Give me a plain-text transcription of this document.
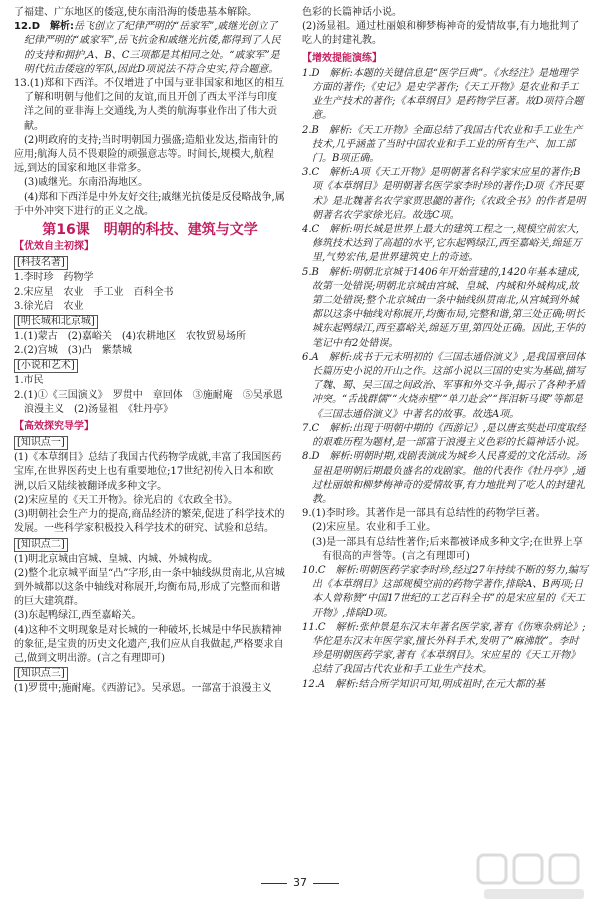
了福建、广东地区的倭寇,使东南沿海的倭患基本解除。

12.D　 解析:岳飞创立了纪律严明的“岳家军”,戚继光创立了纪律严明的“戚家军”,岳飞抗金和戚继光抗倭,都得到了人民的支持和拥护,A、B、C三项都是其相同之处。“戚家军”是明代抗击倭寇的军队,因此D项说法不符合史实,符合题意。

13.(1)郑和下西洋。不仅增进了中国与亚非国家和地区的相互了解和明朝与他们之间的友谊,而且开创了西太平洋与印度洋之间的亚非海上交通线,为人类的航海事业作出了伟大贡献。

(2)明政府的支持;当时明朝国力强盛;造船业发达,指南针的应用;航海人员不畏艰险的顽强意志等。时间长,规模大,航程远,到达的国家和地区非常多。

(3)戚继光。东南沿海地区。

(4)郑和下西洋是中外友好交往;戚继光抗倭是反侵略战争,属于中外冲突下进行的正义之战。

第16课　明朝的科技、建筑与文学
【优效自主初探】
[科技名著]

1.李时珍　药物学

2.宋应星　农业　手工业　百科全书

3.徐光启　农业

[明长城和北京城]

1.(1)蒙古　(2)嘉峪关　(4)农耕地区　农牧贸易场所

2.(2)宫城　(3)凸　紫禁城

[小说和艺术]

1.市民

2.(1)①《三国演义》　罗贯中　章回体　③施耐庵　⑤吴承恩　浪漫主义　(2)汤显祖　《牡丹亭》

【高效探究导学】
[知识点一]

(1)《本草纲目》总结了我国古代药物学成就,丰富了我国医药宝库,在世界医药史上也有重要地位;17世纪初传入日本和欧洲,以后又陆续被翻译成多种文字。

(2)宋应星的《天工开物》。徐光启的《农政全书》。

(3)明朝社会生产力的提高,商品经济的繁荣,促进了科学技术的发展。一些科学家积极投入科学技术的研究、试验和总结。

[知识点二]

(1)明北京城由宫城、皇城、内城、外城构成。

(2)整个北京城平面呈“凸”字形,由一条中轴线纵贯南北,从宫城到外城都以这条中轴线对称展开,均衡布局,形成了完整而和谐的巨大建筑群。

(3)东起鸭绿江,西至嘉峪关。

(4)这种不文明现象是对长城的一种破坏,长城是中华民族精神的象征,是宝贵的历史文化遗产,我们应从自我做起,严格要求自己,做到文明出游。(言之有理即可)

[知识点三]

(1)罗贯中;施耐庵。《西游记》。吴承恩。一部富于浪漫主义

色彩的长篇神话小说。

(2)汤显祖。通过杜丽娘和柳梦梅神奇的爱情故事,有力地批判了吃人的封建礼教。

【增效提能演练】

1.D　解析:本题的关键信息是“医学巨典”。《水经注》是地理学方面的著作;《史记》是史学著作;《天工开物》是农业和手工业生产技术的著作;《本草纲目》是药物学巨著。故D项符合题意。

2.B　解析:《天工开物》全面总结了我国古代农业和手工业生产技术,几乎涵盖了当时中国农业和手工业的所有生产、加工部门。B项正确。

3.C　解析:A项《天工开物》是明朝著名科学家宋应星的著作;B项《本草纲目》是明朝著名医学家李时珍的著作;D项《齐民要术》是北魏著名农学家贾思勰的著作;《农政全书》的作者是明朝著名农学家徐光启。故选C项。

4.C　解析:明长城是世界上最大的建筑工程之一,规模空前宏大,修筑技术达到了高超的水平,它东起鸭绿江,西至嘉峪关,绵延万里,气势宏伟,是世界建筑史上的奇迹。

5.B　解析:明朝北京城于1406年开始营建的,1420年基本建成,故第一处错误;明朝北京城由宫城、皇城、内城和外城构成,故第二处错误;整个北京城由一条中轴线纵贯南北,从宫城到外城都以这条中轴线对称展开,均衡布局,完整和谐,第三处正确;明长城东起鸭绿江,西至嘉峪关,绵延万里,第四处正确。因此,王华的笔记中有2处错误。

6.A　解析:成书于元末明初的《三国志通俗演义》,是我国章回体长篇历史小说的开山之作。这部小说以三国的史实为基础,描写了魏、蜀、吴三国之间政治、军事和外交斗争,揭示了各种矛盾冲突。“舌战群儒”“火烧赤壁”“单刀赴会”“挥泪斩马谡”等都是《三国志通俗演义》中著名的故事。故选A项。

7.C　解析:出现于明朝中期的《西游记》,是以唐玄奘赴印度取经的艰难历程为题材,是一部富于浪漫主义色彩的长篇神话小说。

8.D　解析:明朝时期,戏剧表演成为城乡人民喜爱的文化活动。汤显祖是明朝后期最负盛名的戏剧家。他的代表作《牡丹亭》,通过杜丽娘和柳梦梅神奇的爱情故事,有力地批判了吃人的封建礼教。

9.(1)李时珍。其著作是一部具有总结性的药物学巨著。

(2)宋应星。农业和手工业。

(3)是一部具有总结性著作;后来都被译成多种文字;在世界上享有很高的声誉等。(言之有理即可)

10.C　解析:明朝医药学家李时珍,经过27年持续不断的努力,编写出《本草纲目》这部规模空前的药物学著作,排除A、B两项;日本人曾称赞“中国17世纪的工艺百科全书”的是宋应星的《天工开物》,排除D项。

11.C　解析:张仲景是东汉末年著名医学家,著有《伤寒杂病论》;华佗是东汉末年医学家,擅长外科手术,发明了“麻沸散”。李时珍是明朝医药学家,著有《本草纲目》。宋应星的《天工开物》总结了我国古代农业和手工业生产技术。

12.A　解析:结合所学知识可知,明成祖时,在元大都的基

37
